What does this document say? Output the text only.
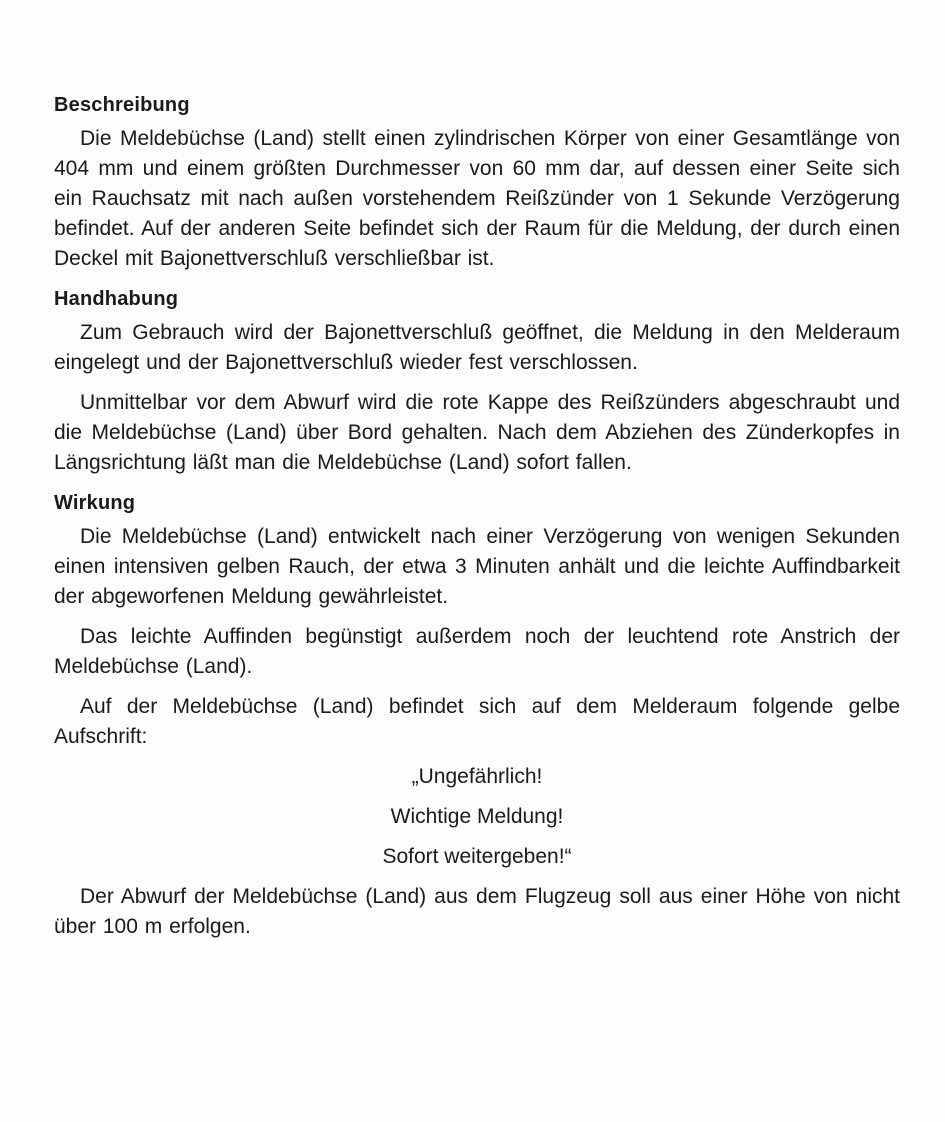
Beschreibung

Die Meldebüchse (Land) stellt einen zylindrischen Körper von einer Gesamtlänge von 404 mm und einem größten Durchmesser von 60 mm dar, auf dessen einer Seite sich ein Rauchsatz mit nach außen vorstehendem Reißzünder von 1 Sekunde Verzögerung befindet. Auf der anderen Seite befindet sich der Raum für die Meldung, der durch einen Deckel mit Bajonettverschluß verschließbar ist.

Handhabung

Zum Gebrauch wird der Bajonettverschluß geöffnet, die Meldung in den Melderaum eingelegt und der Bajonettverschluß wieder fest verschlossen.

Unmittelbar vor dem Abwurf wird die rote Kappe des Reißzünders abgeschraubt und die Meldebüchse (Land) über Bord gehalten. Nach dem Abziehen des Zünderkopfes in Längsrichtung läßt man die Meldebüchse (Land) sofort fallen.

Wirkung

Die Meldebüchse (Land) entwickelt nach einer Verzögerung von wenigen Sekunden einen intensiven gelben Rauch, der etwa 3 Minuten anhält und die leichte Auffindbarkeit der abgeworfenen Meldung gewährleistet.

Das leichte Auffinden begünstigt außerdem noch der leuchtend rote Anstrich der Meldebüchse (Land).

Auf der Meldebüchse (Land) befindet sich auf dem Melderaum folgende gelbe Aufschrift:

„Ungefährlich!
Wichtige Meldung!
Sofort weitergeben!“

Der Abwurf der Meldebüchse (Land) aus dem Flugzeug soll aus einer Höhe von nicht über 100 m erfolgen.
